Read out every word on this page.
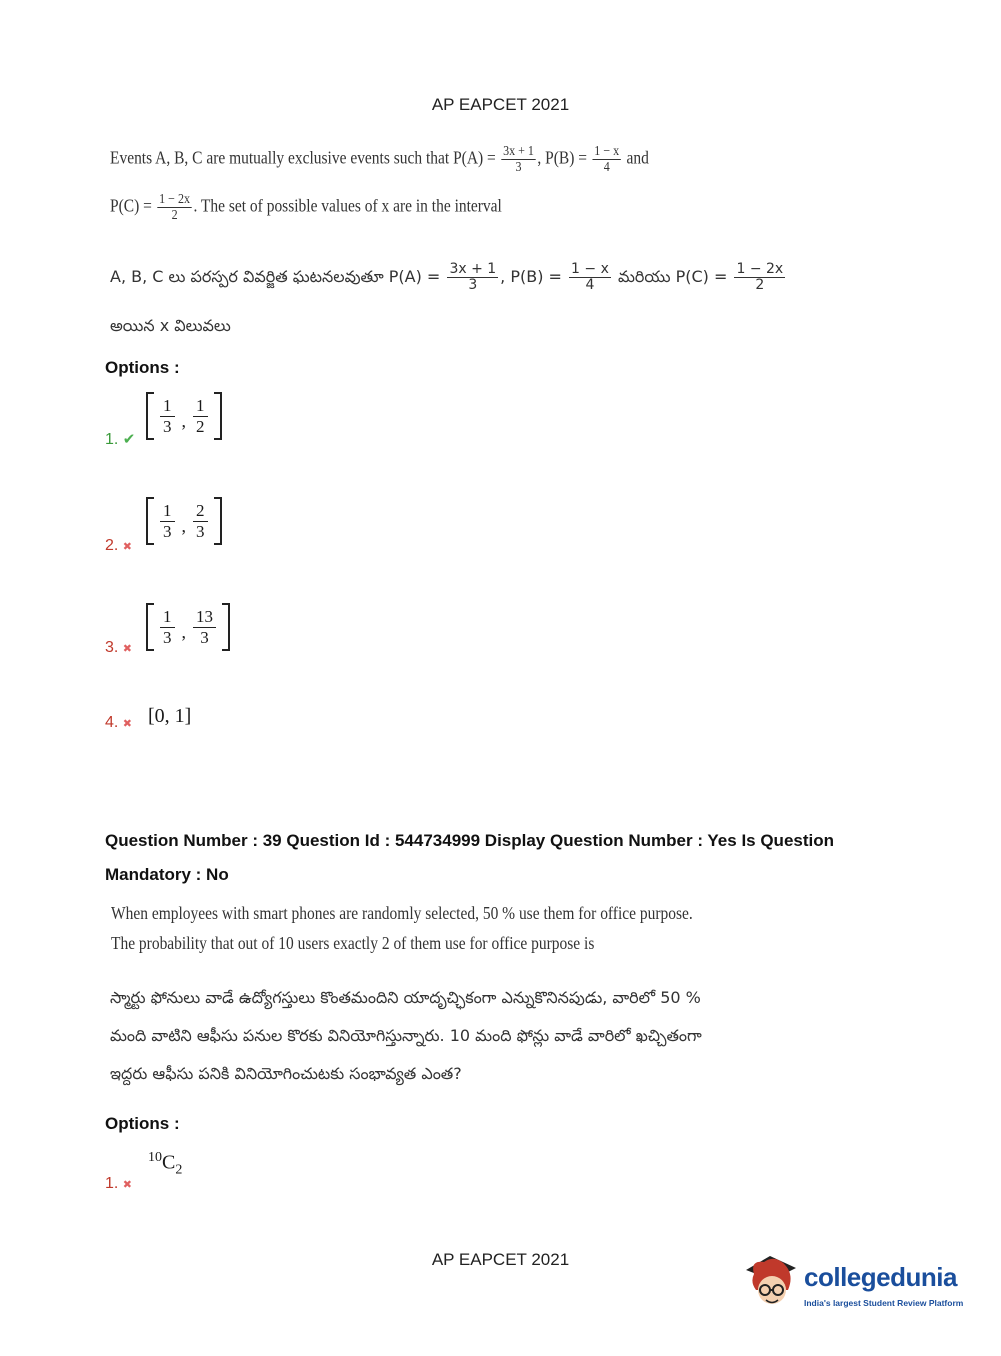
AP EAPCET 2021
Events A, B, C are mutually exclusive events such that $P(A) = \frac{3x + 1}{3}$ , $P(B) = \frac{1 - x}{4}$ and
$P(C) = \frac{1 - 2x}{2}$ . The set of possible values of x are in the interval
A, B, C లు పరస్పర వివర్జిత ఘటనలవుతూ $P(A) = \frac{3x + 1}{3}$ , $P(B) = \frac{1 - x}{4}$ మరియు $P(C) = \frac{1 - 2x}{2}$
అయిన x విలువలు
Options :
1. ✔
$\frac{1}{3}$ , $\frac{1}{2}$
2. ✖
$\frac{1}{3}$ , $\frac{2}{3}$
3. ✖
$\frac{1}{3}$ , $\frac{13}{3}$
4. ✖ [0, 1]
Question Number : 39 Question Id : 544734999 Display Question Number : Yes Is Question
Mandatory : No
When employees with smart phones are randomly selected, 50 % use them for office purpose.
The probability that out of 10 users exactly 2 of them use for office purpose is
స్మార్టు ఫోనులు వాడే ఉద్యోగస్తులు కొంతమందిని యాదృచ్ఛికంగా ఎన్నుకొనినపుడు, వారిలో 50 %
మంది వాటిని ఆఫీసు పనుల కొరకు వినియోగిస్తున్నారు. 10 మంది ఫోన్లు వాడే వారిలో ఖచ్చితంగా
ఇద్దరు ఆఫీసు పనికి వినియోగించుటకు సంభావ్యత ఎంత?
Options :
1. ✖
$^{10}C_2$
AP EAPCET 2021
collegedunia
India's largest Student Review Platform
